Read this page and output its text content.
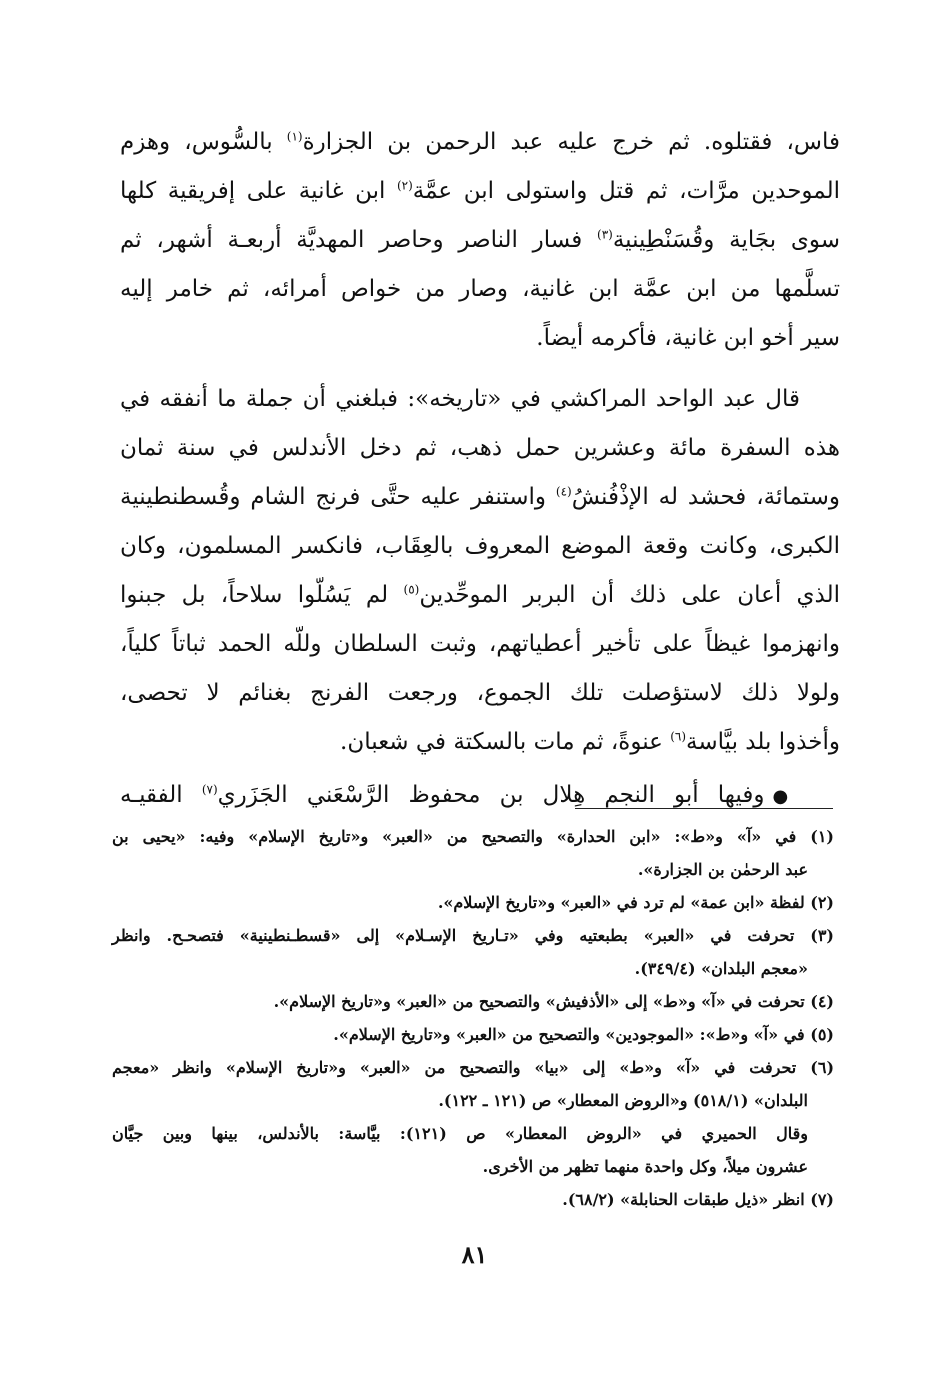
فاس، فقتلوه. ثم خرج عليه عبد الرحمن بن الجزارة$^{(١)}$ بالسُّوس، وهزم
الموحدين مرَّات، ثم قتل واستولى ابن عمَّة$^{(٢)}$ ابن غانية على إفريقية كلها
سوى بجَاية وقُسَنْطِينية$^{(٣)}$ فسار الناصر وحاصر المهديَّة أربعـة أشهر، ثم
تسلَّمها من ابن عمَّة ابن غانية، وصار من خواص أمرائه، ثم خامر إليه
سير أخو ابن غانية، فأكرمه أيضاً.
قال عبد الواحد المراكشي في «تاريخه»: فبلغني أن جملة ما أنفقه في
هذه السفرة مائة وعشرين حمل ذهب، ثم دخل الأندلس في سنة ثمان
وستمائة، فحشد له الإذْفُنشُ$^{(٤)}$ واستنفر عليه حتَّى فرنج الشام وقُسطنطينية
الكبرى، وكانت وقعة الموضع المعروف بالعِقَاب، فانكسر المسلمون، وكان
الذي أعان على ذلك أن البربر الموحِّدين$^{(٥)}$ لم يَسُلّوا سلاحاً، بل جبنوا
وانهزموا غيظاً على تأخير أعطياتهم، وثبت السلطان وللّه الحمد ثباتاً كلياً،
ولولا ذلك لاستؤصلت تلك الجموع، ورجعت الفرنج بغنائم لا تحصى،
وأخذوا بلد بيَّاسة$^{(٦)}$ عنوةً، ثم مات بالسكتة في شعبان.
●وفيها أبو النجم هِلال بن محفوظ الرَّسْعَني الجَزَري$^{(٧)}$ الفقيـه
(١) في «آ» و«ط»: «ابن الحدارة» والتصحيح من «العبر» و«تاريخ الإسلام» وفيه: «يحيى بن
عبد الرحمٰن بن الجزارة».
(٢) لفظة «ابن عمة» لم ترد في «العبر» و«تاريخ الإسلام».
(٣) تحرفت في «العبر» بطبعتيه وفي «تـاريخ الإسـلام» إلى «قسطـنطينية» فتصحـح. وانظر
«معجم البلدان» (٣٤٩/٤).
(٤) تحرفت في «آ» و«ط» إلى «الأذفيش» والتصحيح من «العبر» و«تاريخ الإسلام».
(٥) في «آ» و«ط»: «الموجودين» والتصحيح من «العبر» و«تاريخ الإسلام».
(٦) تحرفت في «آ» و«ط» إلى «بيا» والتصحيح من «العبر» و«تاريخ الإسلام» وانظر «معجم
البلدان» (٥١٨/١) و«الروض المعطار» ص (١٢١ ـ ١٢٢).
وقال الحميري في «الروض المعطار» ص (١٢١): بيَّاسة: بالأندلس، بينها وبين جيَّان
عشرون ميلاً، وكل واحدة منهما تظهر من الأخرى.
(٧) انظر «ذيل طبقات الحنابلة» (٦٨/٢).
٨١
